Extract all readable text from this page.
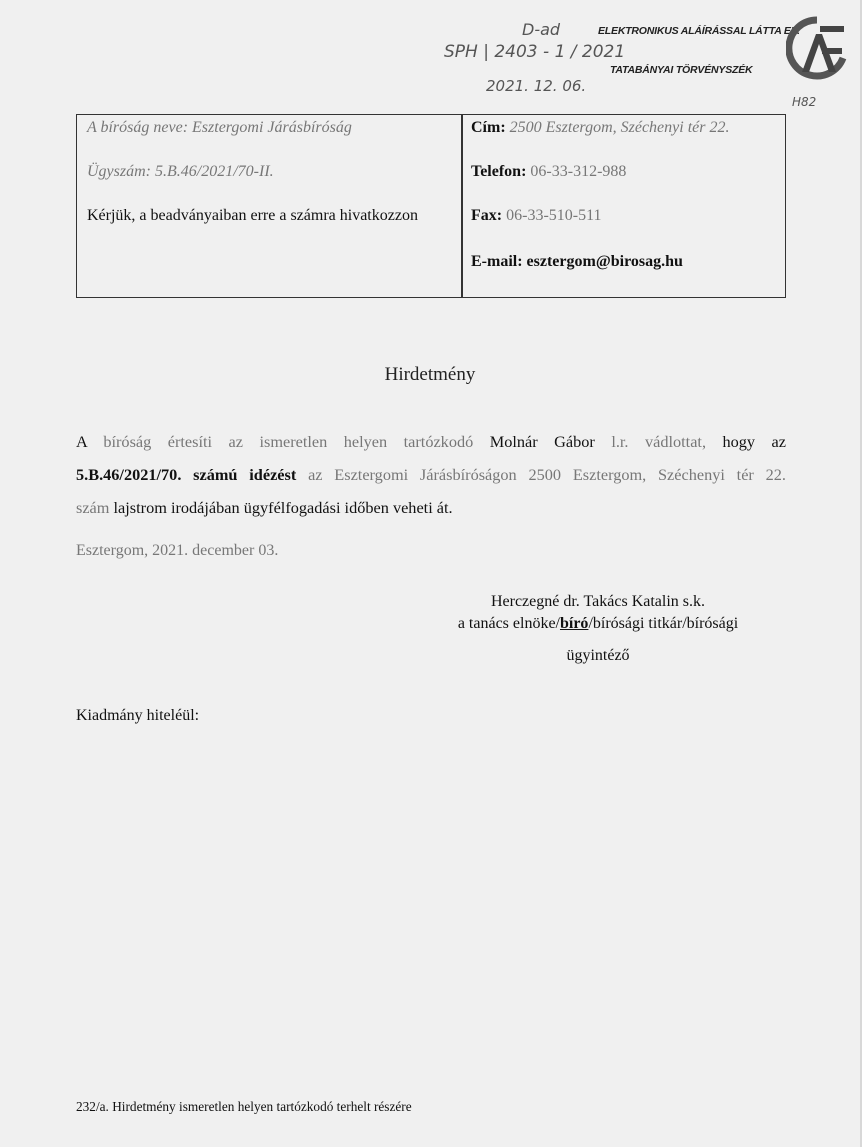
D-ad	ELEKTRONIKUS ALÁÍRÁSSAL LÁTTA EL:
SPH | 2403 - 1 / 2021
TATABÁNYAI TÖRVÉNYSZÉK
2021. 12. 06.
H82
A bíróság neve: Esztergomi Járásbíróság
Ügyszám: 5.B.46/2021/70-II.
Kérjük, a beadványaiban erre a számra hivatkozzon
Cím: 2500 Esztergom, Széchenyi tér 22.
Telefon: 06-33-312-988
Fax: 06-33-510-511
E-mail: esztergom@birosag.hu
Hirdetmény
A bíróság értesíti az ismeretlen helyen tartózkodó Molnár Gábor l.r. vádlottat, hogy az
5.B.46/2021/70. számú idézést az Esztergomi Járásbíróságon 2500 Esztergom, Széchenyi tér 22.
szám lajstrom irodájában ügyfélfogadási időben veheti át.
Esztergom, 2021. december 03.
Herczegné dr. Takács Katalin s.k.
a tanács elnöke/bíró/bírósági titkár/bírósági
ügyintéző
Kiadmány hiteléül:
232/a. Hirdetmény ismeretlen helyen tartózkodó terhelt részére
